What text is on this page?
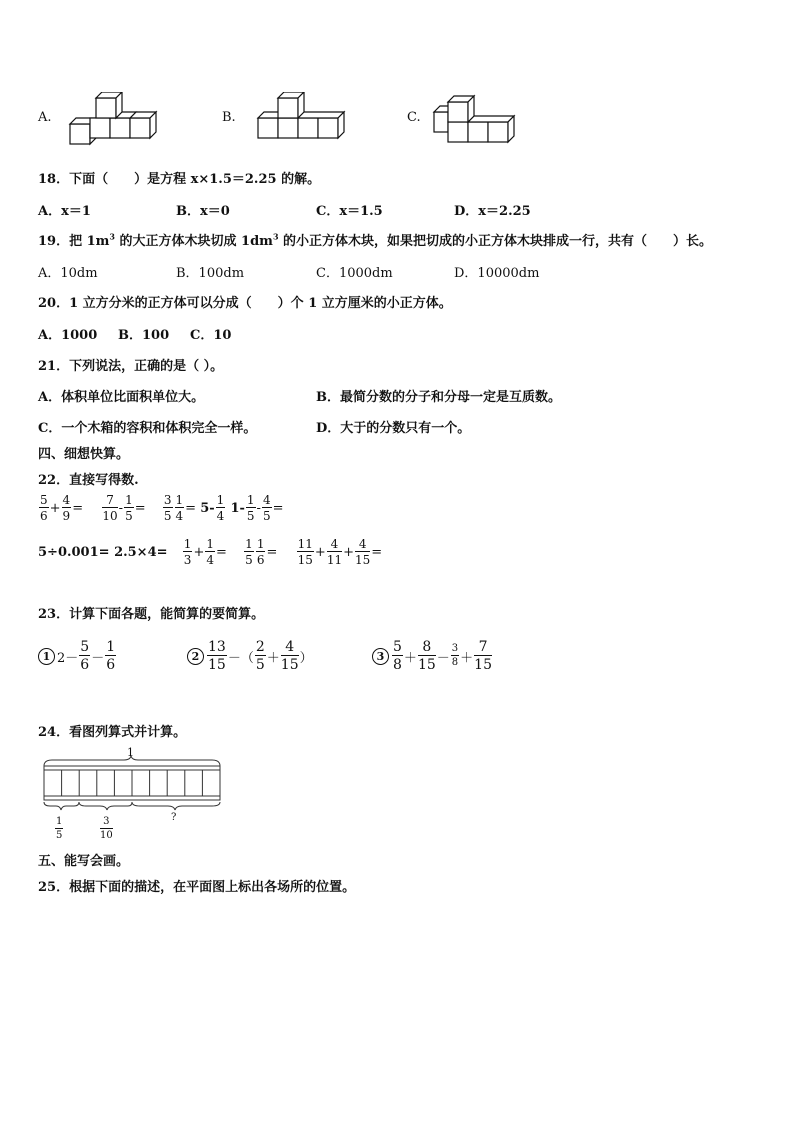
A.	B.	C.
18．下面（　　）是方程 x×1.5＝2.25 的解。
A．x＝1	B．x＝0	C．x＝1.5	D．x＝2.25
19．把 $1m^3$ 的大正方体木块切成 $1dm^3$ 的小正方体木块，如果把切成的小正方体木块排成一行，共有（　　）长。
A．10dm	B．100dm	C．1000dm	D．10000dm
20．1 立方分米的正方体可以分成（　　）个 1 立方厘米的小正方体。
A．1000 B．100 C．10
21．下列说法，正确的是（ ）。
A．体积单位比面积单位大。	B．最简分数的分子和分母一定是互质数。
C．一个木箱的容积和体积完全一样。	D．大于的分数只有一个。
四、细想快算。
22．直接写得数.
$\frac{5}{6} + \frac{4}{9} = \frac{7}{10} - \frac{1}{5} = \frac{3}{5} \frac{1}{4} = 5- \frac{1}{4} 1- \frac{1}{5} - \frac{4}{5}$ =
$5\div 0.001= 2.5\times 4= \frac{1}{3} + \frac{1}{4} = \frac{1}{5} \frac{1}{6} = \frac{11}{15} + \frac{4}{11} + \frac{4}{15}$ =
23．计算下面各题，能简算的要简算。
1 $2- \frac{5}{6} - \frac{1}{6}$	$2 \frac{13}{15}$ －（ $\frac{2}{5} + \frac{4}{15}$ ）	$3 \frac{5}{8} + \frac{8}{15} - \frac{3}{8} + \frac{7}{15}$
24．看图列算式并计算。
1
$\frac{1}{5}$	$\frac{3}{10}$	?
五、能写会画。
25．根据下面的描述，在平面图上标出各场所的位置。
